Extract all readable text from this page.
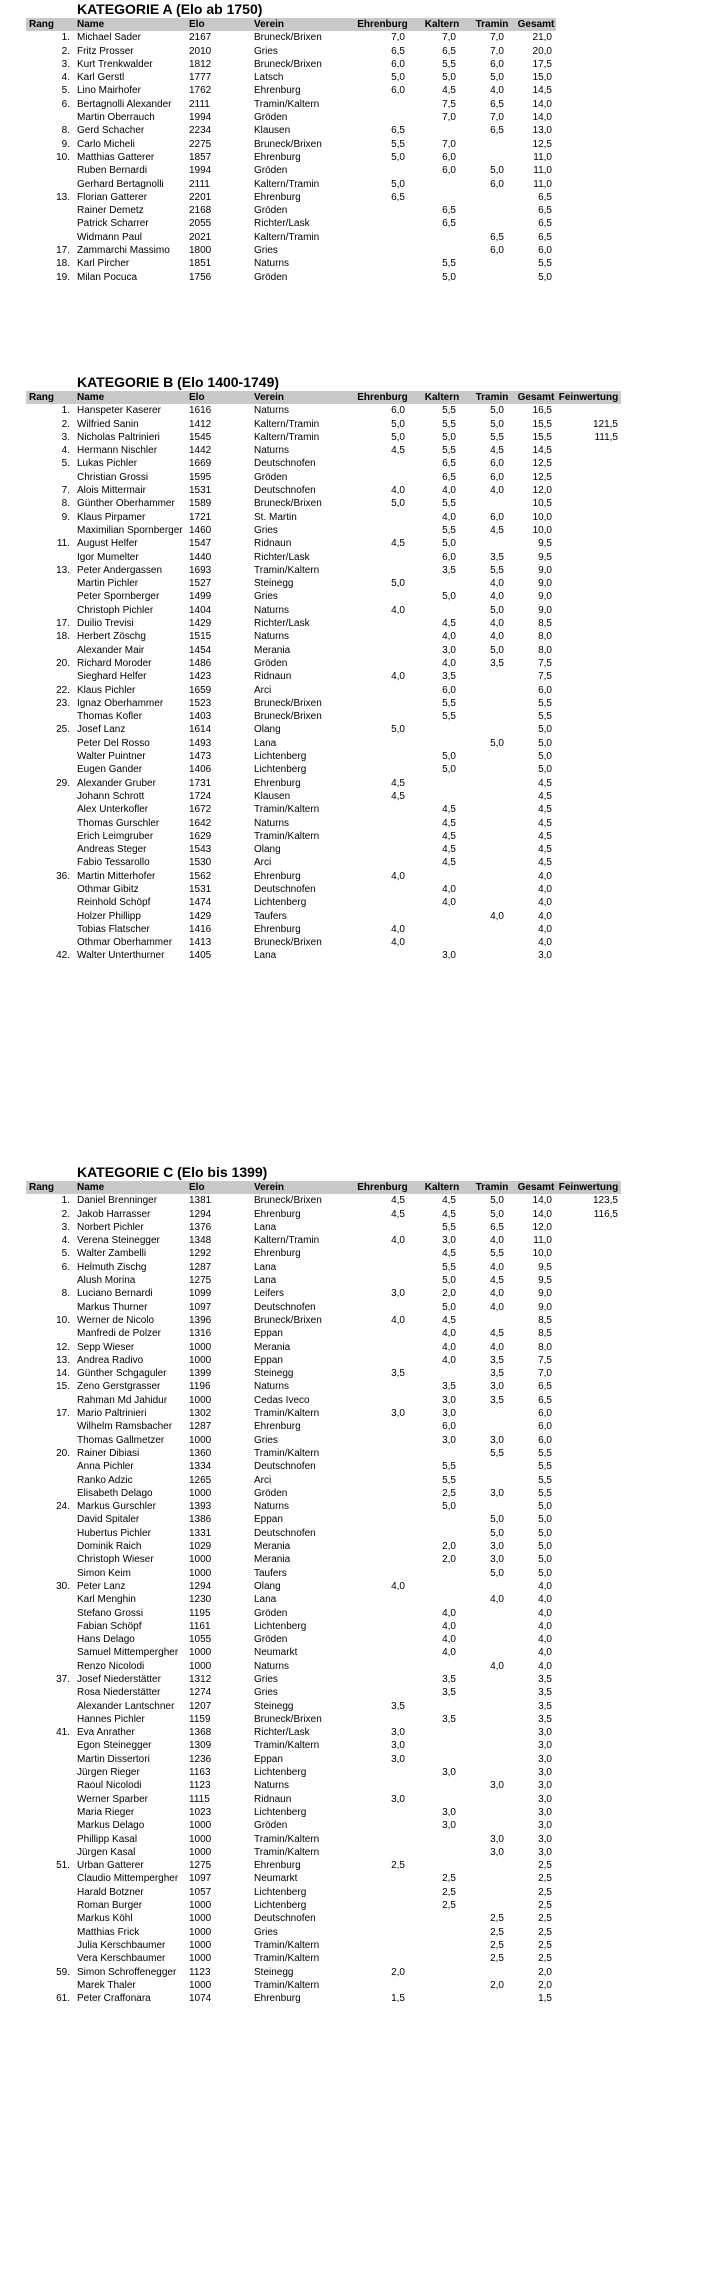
KATEGORIE A (Elo ab 1750)
Rang	Name	Elo	Verein	Ehrenburg	Kaltern	Tramin	Gesamt
1.	Michael Sader	2167	Bruneck/Brixen	7,0	7,0	7,0	21,0
2.	Fritz Prosser	2010	Gries	6,5	6,5	7,0	20,0
3.	Kurt Trenkwalder	1812	Bruneck/Brixen	6,0	5,5	6,0	17,5
4.	Karl Gerstl	1777	Latsch	5,0	5,0	5,0	15,0
5.	Lino Mairhofer	1762	Ehrenburg	6,0	4,5	4,0	14,5
6.	Bertagnolli Alexander	2111	Tramin/Kaltern		7,5	6,5	14,0
	Martin Oberrauch	1994	Gröden		7,0	7,0	14,0
8.	Gerd Schacher	2234	Klausen	6,5		6,5	13,0
9.	Carlo Micheli	2275	Bruneck/Brixen	5,5	7,0		12,5
10.	Matthias Gatterer	1857	Ehrenburg	5,0	6,0		11,0
	Ruben Bernardi	1994	Gröden		6,0	5,0	11,0
	Gerhard Bertagnolli	2111	Kaltern/Tramin	5,0		6,0	11,0
13.	Florian Gatterer	2201	Ehrenburg	6,5			6,5
	Rainer Demetz	2168	Gröden		6,5		6,5
	Patrick Scharrer	2055	Richter/Lask		6,5		6,5
	Widmann Paul	2021	Kaltern/Tramin			6,5	6,5
17.	Zammarchi Massimo	1800	Gries			6,0	6,0
18.	Karl Pircher	1851	Naturns		5,5		5,5
19.	Milan Pocuca	1756	Gröden		5,0		5,0
KATEGORIE B (Elo 1400-1749)
Rang	Name	Elo	Verein	Ehrenburg	Kaltern	Tramin	Gesamt	Feinwertung
1.	Hanspeter Kaserer	1616	Naturns	6,0	5,5	5,0	16,5	
2.	Wilfried Sanin	1412	Kaltern/Tramin	5,0	5,5	5,0	15,5	121,5
3.	Nicholas Paltrinieri	1545	Kaltern/Tramin	5,0	5,0	5,5	15,5	111,5
4.	Hermann Nischler	1442	Naturns	4,5	5,5	4,5	14,5	
5.	Lukas Pichler	1669	Deutschnofen		6,5	6,0	12,5	
	Christian Grossi	1595	Gröden		6,5	6,0	12,5	
7.	Alois Mittermair	1531	Deutschnofen	4,0	4,0	4,0	12,0	
8.	Günther Oberhammer	1589	Bruneck/Brixen	5,0	5,5		10,5	
9.	Klaus Pirpamer	1721	St. Martin		4,0	6,0	10,0	
	Maximilian Spornberger	1460	Gries		5,5	4,5	10,0	
11.	August Helfer	1547	Ridnaun	4,5	5,0		9,5	
	Igor Mumelter	1440	Richter/Lask		6,0	3,5	9,5	
13.	Peter Andergassen	1693	Tramin/Kaltern		3,5	5,5	9,0	
	Martin Pichler	1527	Steinegg	5,0		4,0	9,0	
	Peter Spornberger	1499	Gries		5,0	4,0	9,0	
	Christoph Pichler	1404	Naturns	4,0		5,0	9,0	
17.	Duilio Trevisi	1429	Richter/Lask		4,5	4,0	8,5	
18.	Herbert Zöschg	1515	Naturns		4,0	4,0	8,0	
	Alexander Mair	1454	Merania		3,0	5,0	8,0	
20.	Richard Moroder	1486	Gröden		4,0	3,5	7,5	
	Sieghard Helfer	1423	Ridnaun	4,0	3,5		7,5	
22.	Klaus Pichler	1659	Arci		6,0		6,0	
23.	Ignaz Oberhammer	1523	Bruneck/Brixen		5,5		5,5	
	Thomas Kofler	1403	Bruneck/Brixen		5,5		5,5	
25.	Josef Lanz	1614	Olang	5,0			5,0	
	Peter Del Rosso	1493	Lana			5,0	5,0	
	Walter Puintner	1473	Lichtenberg		5,0		5,0	
	Eugen Gander	1406	Lichtenberg		5,0		5,0	
29.	Alexander Gruber	1731	Ehrenburg	4,5			4,5	
	Johann Schrott	1724	Klausen	4,5			4,5	
	Alex Unterkofler	1672	Tramin/Kaltern		4,5		4,5	
	Thomas Gurschler	1642	Naturns		4,5		4,5	
	Erich Leimgruber	1629	Tramin/Kaltern		4,5		4,5	
	Andreas Steger	1543	Olang		4,5		4,5	
	Fabio Tessarollo	1530	Arci		4,5		4,5	
36.	Martin Mitterhofer	1562	Ehrenburg	4,0			4,0	
	Othmar Gibitz	1531	Deutschnofen		4,0		4,0	
	Reinhold Schöpf	1474	Lichtenberg		4,0		4,0	
	Holzer Phillipp	1429	Taufers			4,0	4,0	
	Tobias Flatscher	1416	Ehrenburg	4,0			4,0	
	Othmar Oberhammer	1413	Bruneck/Brixen	4,0			4,0	
42.	Walter Unterthurner	1405	Lana		3,0		3,0	
KATEGORIE C (Elo bis 1399)
Rang	Name	Elo	Verein	Ehrenburg	Kaltern	Tramin	Gesamt	Feinwertung
1.	Daniel Brenninger	1381	Bruneck/Brixen	4,5	4,5	5,0	14,0	123,5
2.	Jakob Harrasser	1294	Ehrenburg	4,5	4,5	5,0	14,0	116,5
3.	Norbert Pichler	1376	Lana		5,5	6,5	12,0	
4.	Verena Steinegger	1348	Kaltern/Tramin	4,0	3,0	4,0	11,0	
5.	Walter Zambelli	1292	Ehrenburg		4,5	5,5	10,0	
6.	Helmuth Zischg	1287	Lana		5,5	4,0	9,5	
	Alush Morina	1275	Lana		5,0	4,5	9,5	
8.	Luciano Bernardi	1099	Leifers	3,0	2,0	4,0	9,0	
	Markus Thurner	1097	Deutschnofen		5,0	4,0	9,0	
10.	Werner de Nicolo	1396	Bruneck/Brixen	4,0	4,5		8,5	
	Manfredi de Polzer	1316	Eppan		4,0	4,5	8,5	
12.	Sepp Wieser	1000	Merania		4,0	4,0	8,0	
13.	Andrea Radivo	1000	Eppan		4,0	3,5	7,5	
14.	Günther Schgaguler	1399	Steinegg	3,5		3,5	7,0	
15.	Zeno Gerstgrasser	1196	Naturns		3,5	3,0	6,5	
	Rahman Md Jahidur	1000	Cedas Iveco		3,0	3,5	6,5	
17.	Mario Paltrinieri	1302	Tramin/Kaltern	3,0	3,0		6,0	
	Wilhelm Ramsbacher	1287	Ehrenburg		6,0		6,0	
	Thomas Gallmetzer	1000	Gries		3,0	3,0	6,0	
20.	Rainer Dibiasi	1360	Tramin/Kaltern			5,5	5,5	
	Anna Pichler	1334	Deutschnofen		5,5		5,5	
	Ranko Adzic	1265	Arci		5,5		5,5	
	Elisabeth Delago	1000	Gröden		2,5	3,0	5,5	
24.	Markus Gurschler	1393	Naturns		5,0		5,0	
	David Spitaler	1386	Eppan			5,0	5,0	
	Hubertus Pichler	1331	Deutschnofen			5,0	5,0	
	Dominik Raich	1029	Merania		2,0	3,0	5,0	
	Christoph Wieser	1000	Merania		2,0	3,0	5,0	
	Simon Keim	1000	Taufers			5,0	5,0	
30.	Peter Lanz	1294	Olang	4,0			4,0	
	Karl Menghin	1230	Lana			4,0	4,0	
	Stefano Grossi	1195	Gröden		4,0		4,0	
	Fabian Schöpf	1161	Lichtenberg		4,0		4,0	
	Hans Delago	1055	Gröden		4,0		4,0	
	Samuel Mittempergher	1000	Neumarkt		4,0		4,0	
	Renzo Nicolodi	1000	Naturns			4,0	4,0	
37.	Josef Niederstätter	1312	Gries		3,5		3,5	
	Rosa Niederstätter	1274	Gries		3,5		3,5	
	Alexander Lantschner	1207	Steinegg	3,5			3,5	
	Hannes Pichler	1159	Bruneck/Brixen		3,5		3,5	
41.	Eva Anrather	1368	Richter/Lask	3,0			3,0	
	Egon Steinegger	1309	Tramin/Kaltern	3,0			3,0	
	Martin Dissertori	1236	Eppan	3,0			3,0	
	Jürgen Rieger	1163	Lichtenberg		3,0		3,0	
	Raoul Nicolodi	1123	Naturns			3,0	3,0	
	Werner Sparber	1115	Ridnaun	3,0			3,0	
	Maria Rieger	1023	Lichtenberg		3,0		3,0	
	Markus Delago	1000	Gröden		3,0		3,0	
	Phillipp Kasal	1000	Tramin/Kaltern			3,0	3,0	
	Jürgen Kasal	1000	Tramin/Kaltern			3,0	3,0	
51.	Urban Gatterer	1275	Ehrenburg	2,5			2,5	
	Claudio Mittempergher	1097	Neumarkt		2,5		2,5	
	Harald Botzner	1057	Lichtenberg		2,5		2,5	
	Roman Burger	1000	Lichtenberg		2,5		2,5	
	Markus Köhl	1000	Deutschnofen			2,5	2,5	
	Matthias Frick	1000	Gries			2,5	2,5	
	Julia Kerschbaumer	1000	Tramin/Kaltern			2,5	2,5	
	Vera Kerschbaumer	1000	Tramin/Kaltern			2,5	2,5	
59.	Simon Schroffenegger	1123	Steinegg	2,0			2,0	
	Marek Thaler	1000	Tramin/Kaltern			2,0	2,0	
61.	Peter Craffonara	1074	Ehrenburg	1,5			1,5	
